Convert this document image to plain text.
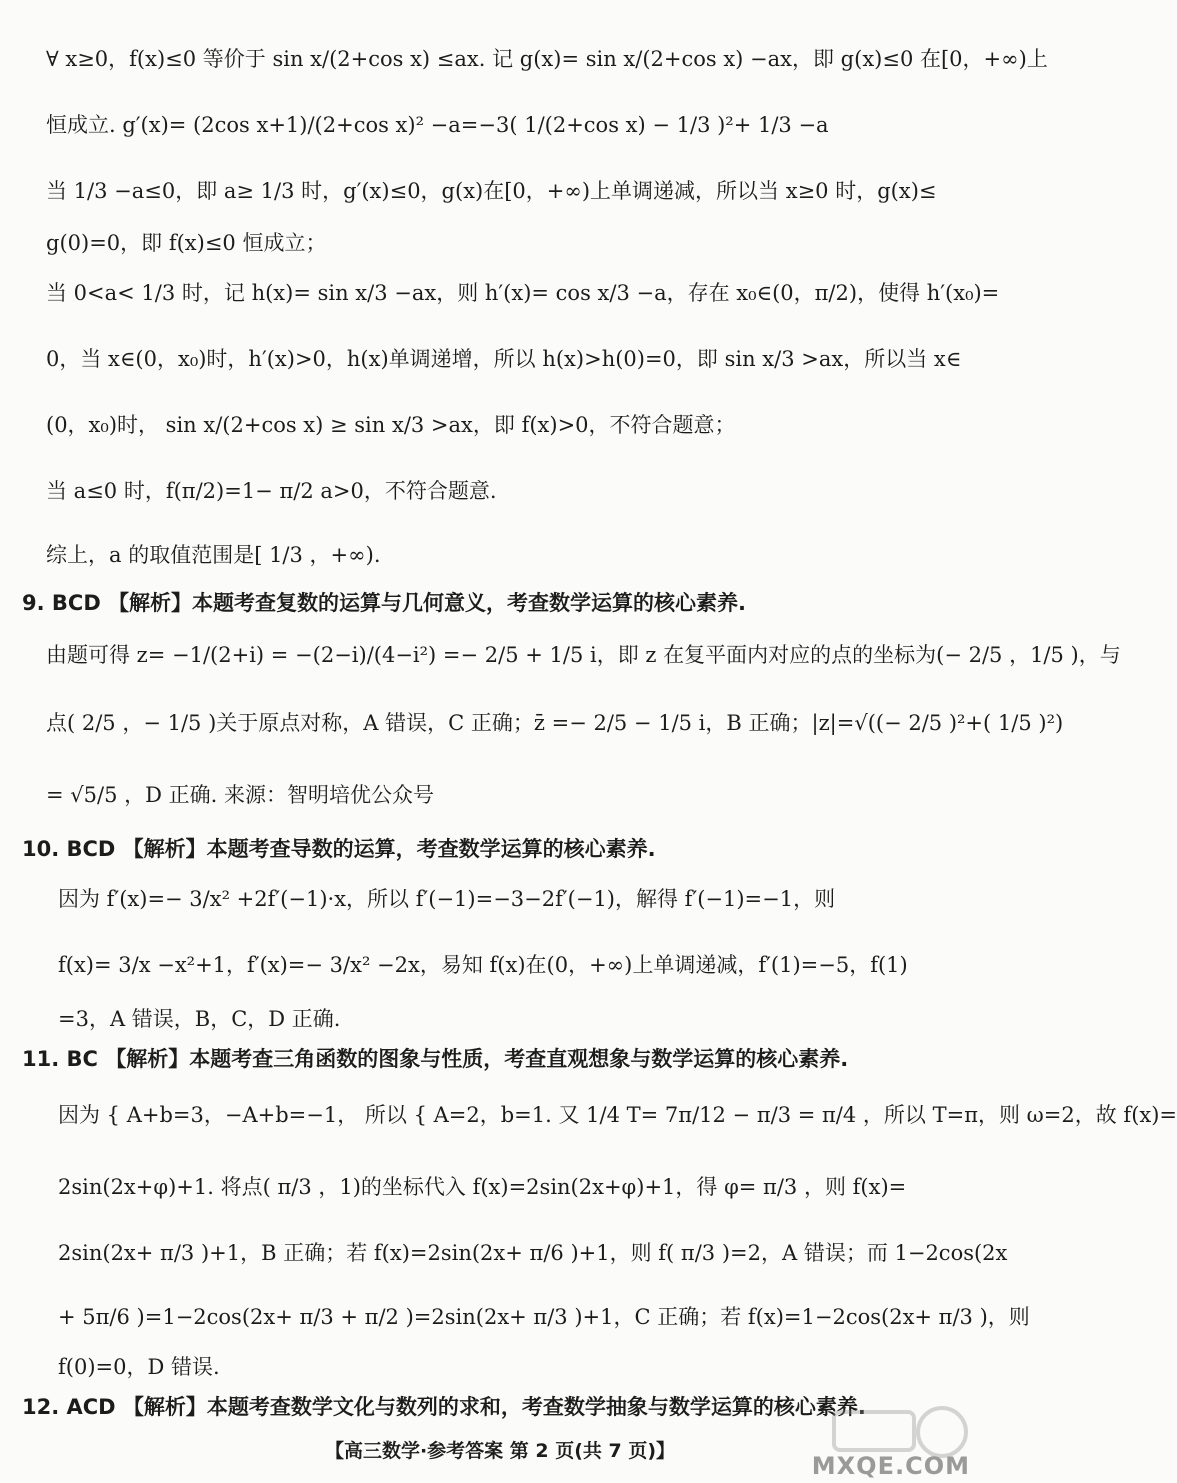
∀ x≥0，f(x)≤0 等价于 sin x/(2+cos x) ≤ax. 记 g(x)= sin x/(2+cos x) −ax，即 g(x)≤0 在[0，+∞)上
恒成立. g′(x)= (2cos x+1)/(2+cos x)² −a=−3( 1/(2+cos x) − 1/3 )²+ 1/3 −a
当 1/3 −a≤0，即 a≥ 1/3 时，g′(x)≤0，g(x)在[0，+∞)上单调递减，所以当 x≥0 时，g(x)≤
g(0)=0，即 f(x)≤0 恒成立；
当 0<a< 1/3 时，记 h(x)= sin x/3 −ax，则 h′(x)= cos x/3 −a，存在 x₀∈(0，π/2)，使得 h′(x₀)=
0，当 x∈(0，x₀)时，h′(x)>0，h(x)单调递增，所以 h(x)>h(0)=0，即 sin x/3 >ax，所以当 x∈
(0，x₀)时， sin x/(2+cos x) ≥ sin x/3 >ax，即 f(x)>0，不符合题意；
当 a≤0 时，f(π/2)=1− π/2 a>0，不符合题意.
综上，a 的取值范围是[ 1/3 ，+∞).
9. BCD 【解析】本题考查复数的运算与几何意义，考查数学运算的核心素养.
由题可得 z= −1/(2+i) = −(2−i)/(4−i²) =− 2/5 + 1/5 i，即 z 在复平面内对应的点的坐标为(− 2/5 ，1/5 )，与
点( 2/5 ，− 1/5 )关于原点对称，A 错误，C 正确；z̄ =− 2/5 − 1/5 i，B 正确；|z|=√((− 2/5 )²+( 1/5 )²)
= √5/5 ，D 正确. 来源：智明培优公众号
10. BCD 【解析】本题考查导数的运算，考查数学运算的核心素养.
因为 f′(x)=− 3/x² +2f′(−1)·x，所以 f′(−1)=−3−2f′(−1)，解得 f′(−1)=−1，则
f(x)= 3/x −x²+1，f′(x)=− 3/x² −2x，易知 f(x)在(0，+∞)上单调递减，f′(1)=−5，f(1)
=3，A 错误，B，C，D 正确.
11. BC 【解析】本题考查三角函数的图象与性质，考查直观想象与数学运算的核心素养.
因为 { A+b=3，−A+b=−1， 所以 { A=2，b=1. 又 1/4 T= 7π/12 − π/3 = π/4 ，所以 T=π，则 ω=2，故 f(x)=
2sin(2x+φ)+1. 将点( π/3 ，1)的坐标代入 f(x)=2sin(2x+φ)+1，得 φ= π/3 ，则 f(x)=
2sin(2x+ π/3 )+1，B 正确；若 f(x)=2sin(2x+ π/6 )+1，则 f( π/3 )=2，A 错误；而 1−2cos(2x
+ 5π/6 )=1−2cos(2x+ π/3 + π/2 )=2sin(2x+ π/3 )+1，C 正确；若 f(x)=1−2cos(2x+ π/3 )，则
f(0)=0，D 错误.
12. ACD 【解析】本题考查数学文化与数列的求和，考查数学抽象与数学运算的核心素养.
【高三数学·参考答案 第 2 页(共 7 页)】
MXQE.COM
